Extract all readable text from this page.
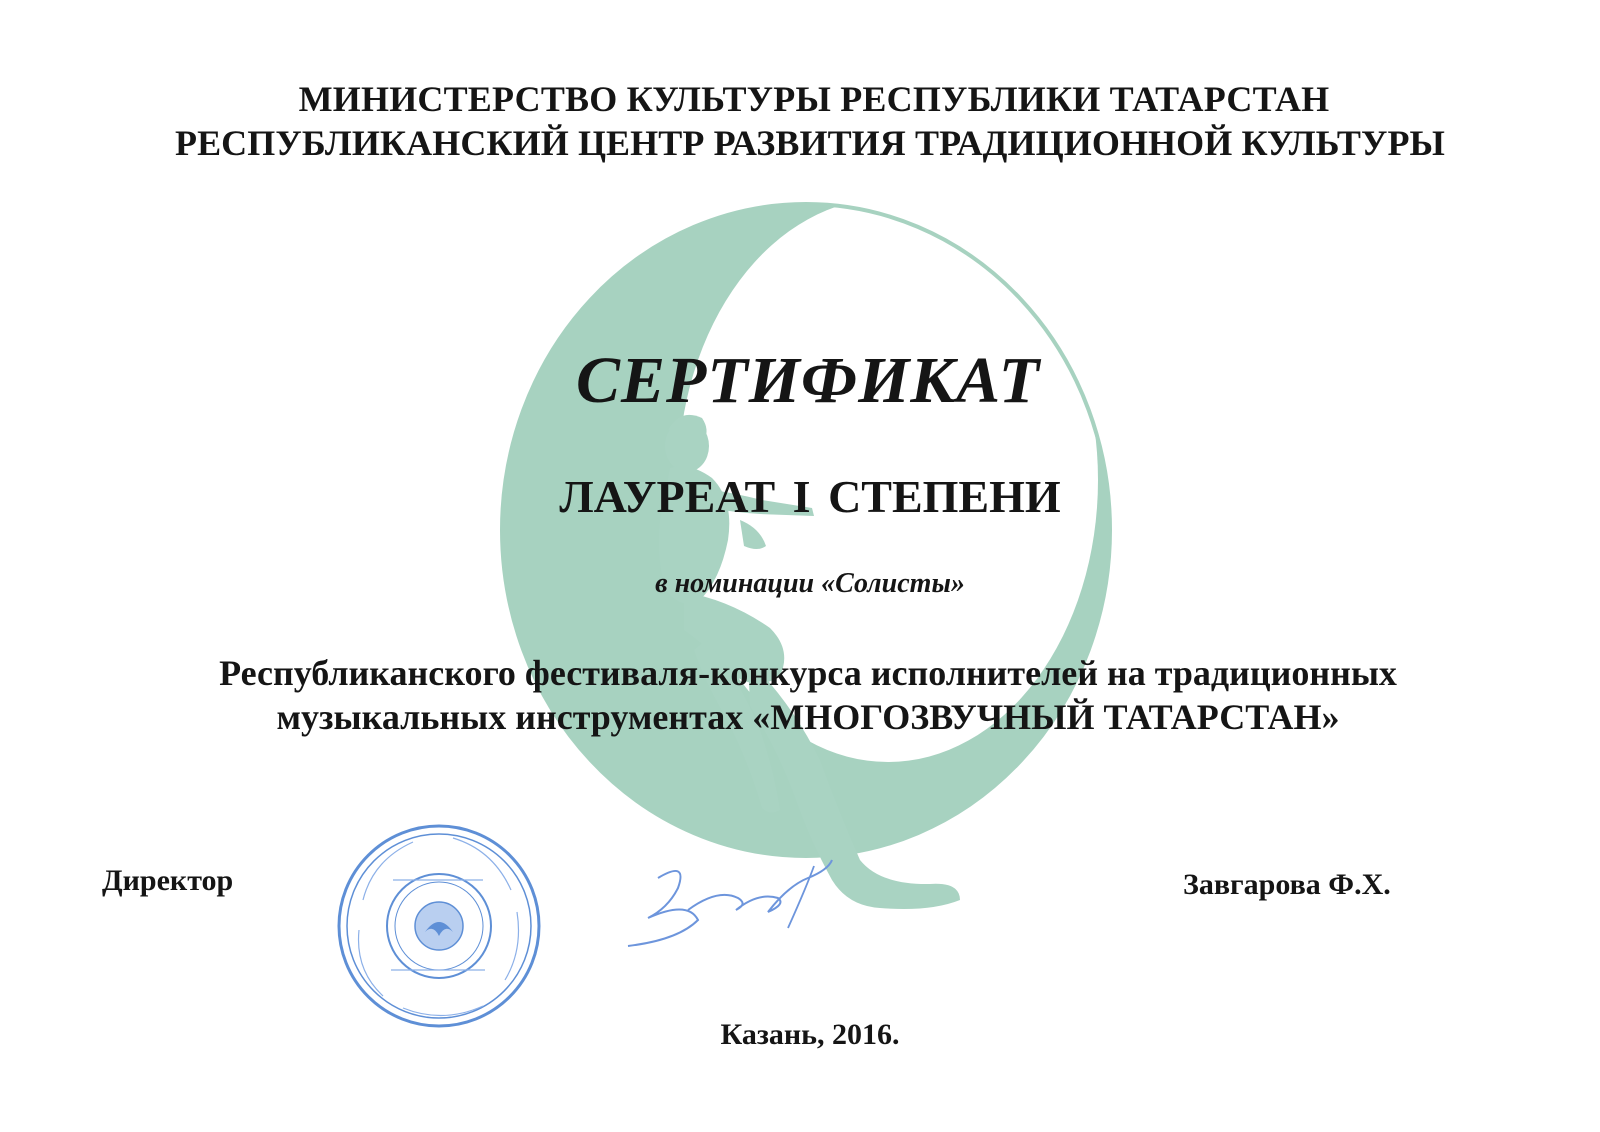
МИНИСТЕРСТВО КУЛЬТУРЫ РЕСПУБЛИКИ ТАТАРСТАН
РЕСПУБЛИКАНСКИЙ ЦЕНТР РАЗВИТИЯ ТРАДИЦИОННОЙ КУЛЬТУРЫ
СЕРТИФИКАТ
ЛАУРЕАТ I СТЕПЕНИ
в номинации «Солисты»
Республиканского фестиваля-конкурса исполнителей на традиционных
музыкальных инструментах «МНОГОЗВУЧНЫЙ ТАТАРСТАН»
Директор	Завгарова Ф.Х.
Казань, 2016.
